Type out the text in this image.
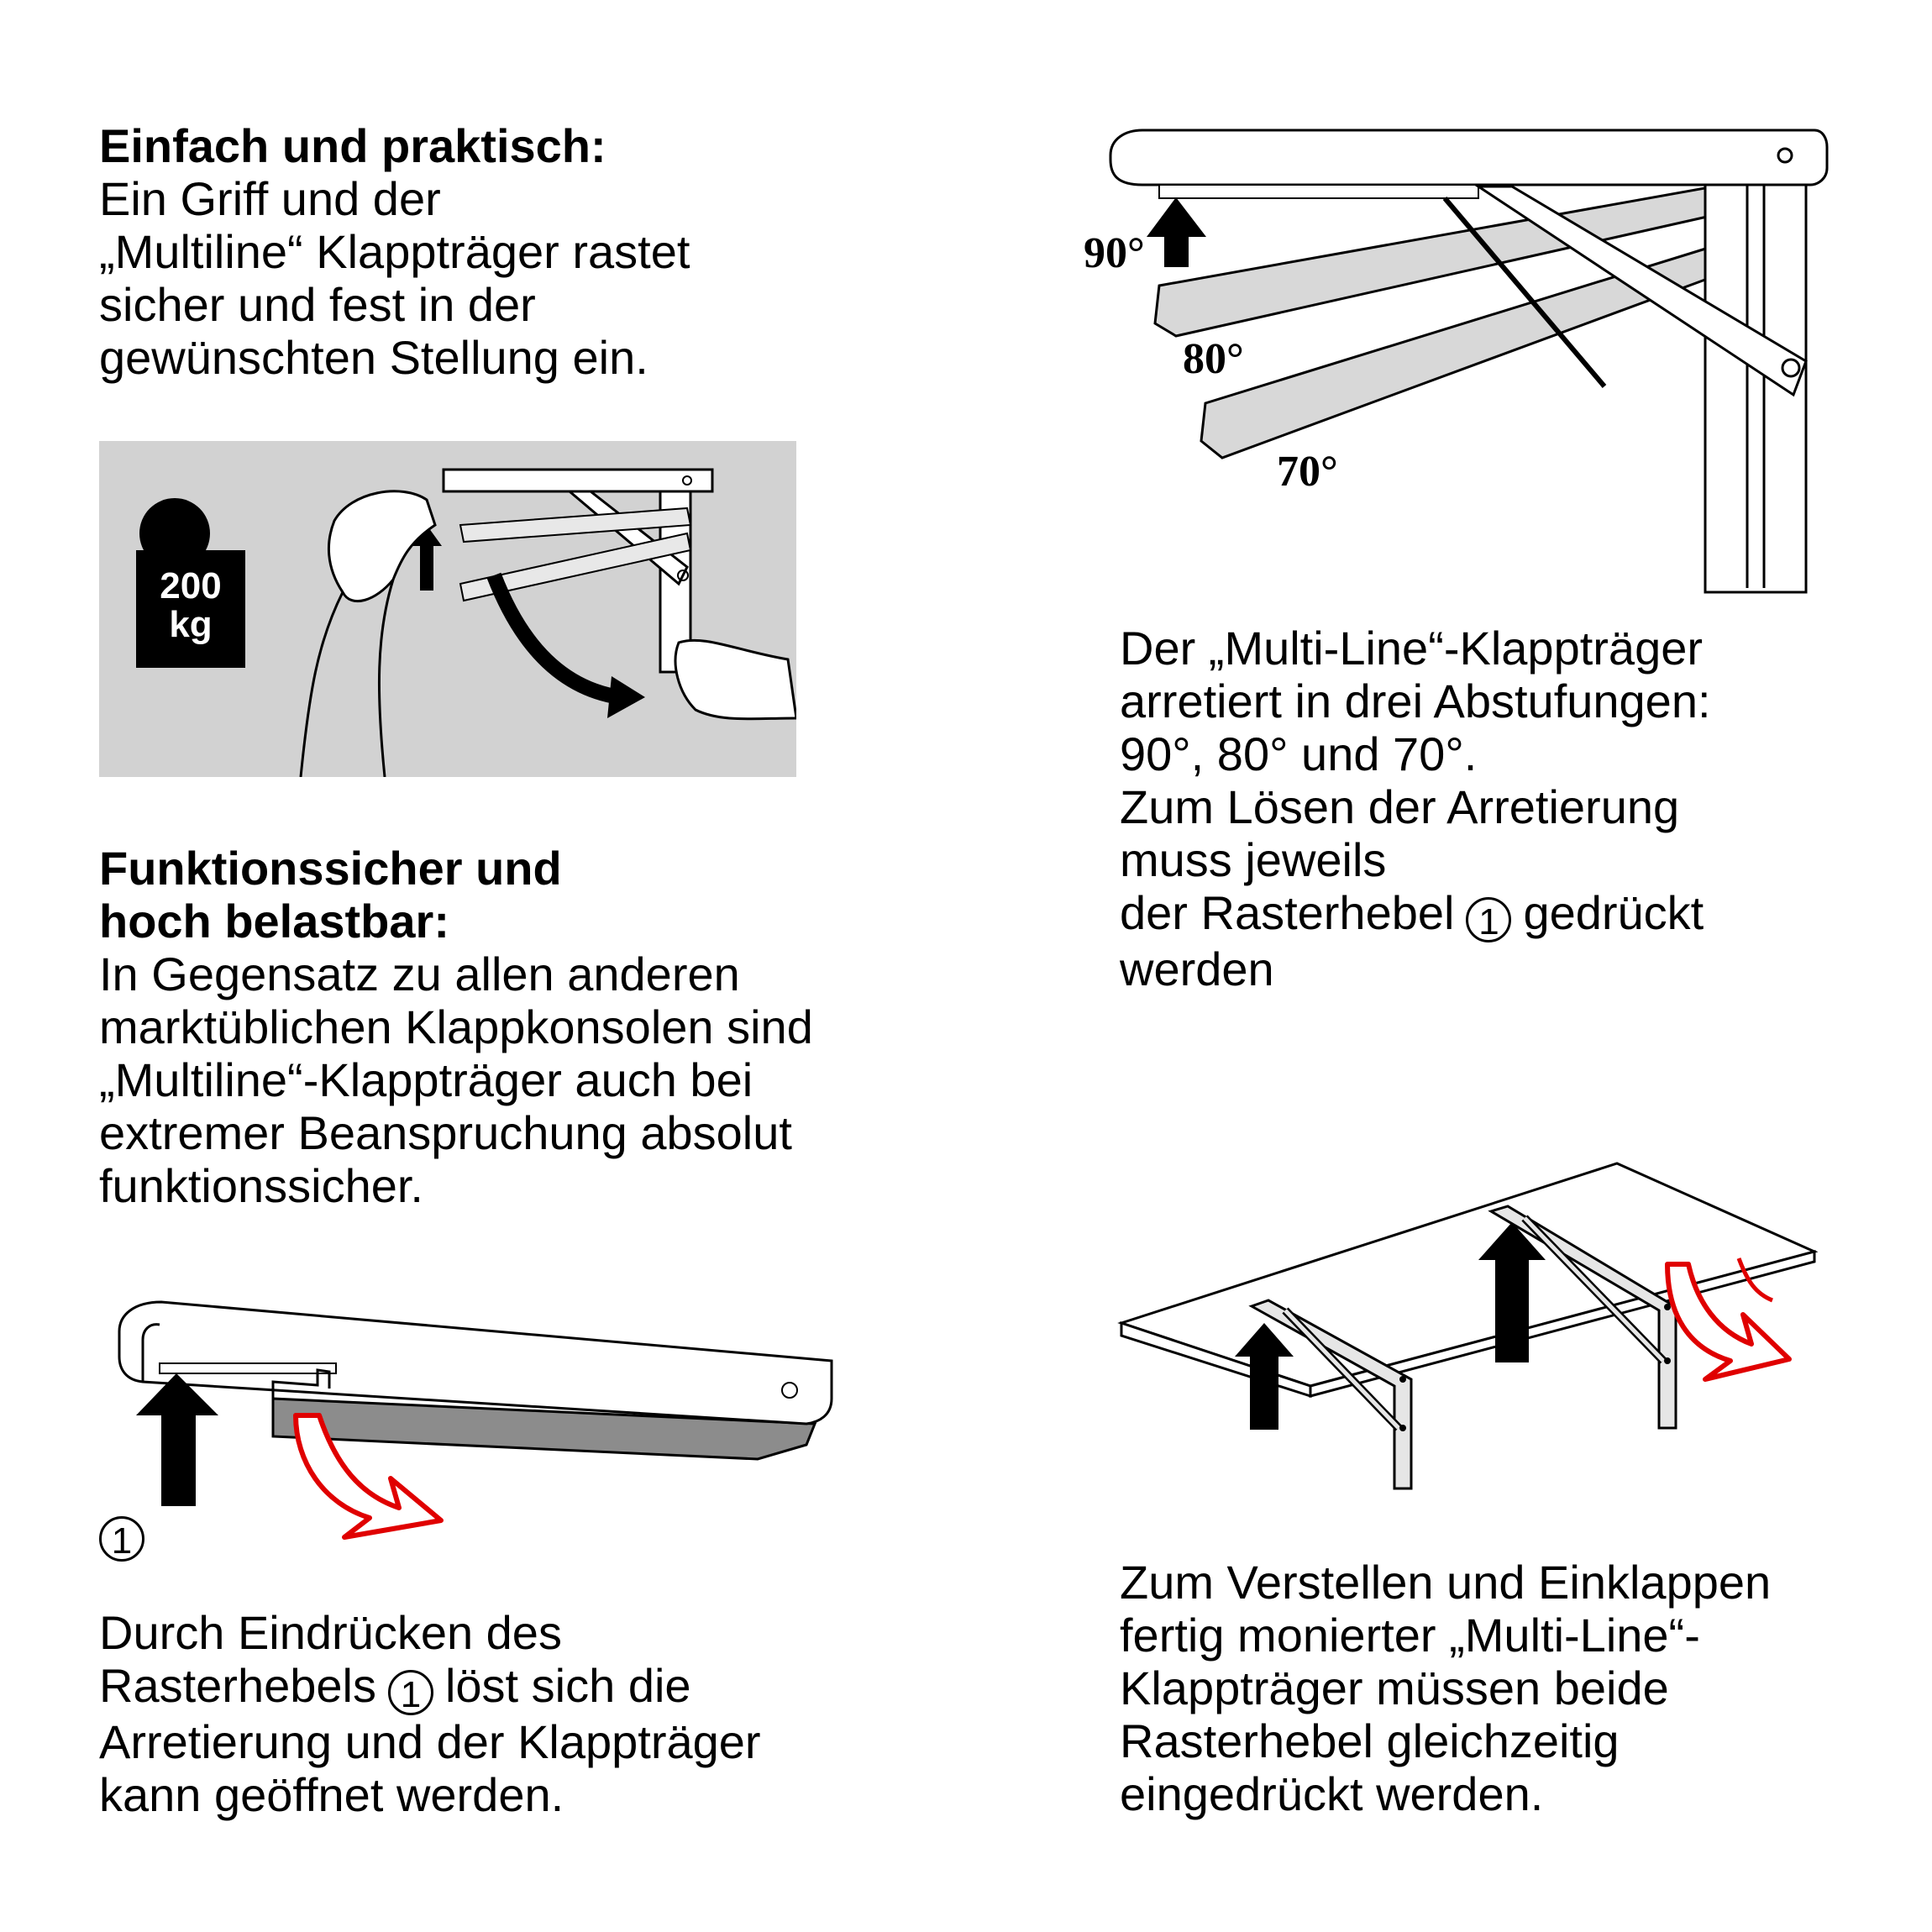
Einfach und praktisch:
Ein Griff und der
„Multiline“ Klappträger rastet
sicher und fest in der
gewünschten Stellung ein.
200
kg
Funktionssicher und
hoch belastbar:
In Gegensatz zu allen anderen
marktüblichen Klappkonsolen sind
„Multiline“-Klappträger auch bei
extremer Beanspruchung absolut
funktionssicher.
1
Durch Eindrücken des
Rasterhebels 1 löst sich die
Arretierung und der Klappträger
kann geöffnet werden.
90°
80°
70°
Der „Multi-Line“-Klappträger
arretiert in drei Abstufungen:
90°, 80° und 70°.
Zum Lösen der Arretierung
muss jeweils
der Rasterhebel 1 gedrückt
werden
Zum Verstellen und Einklappen
fertig monierter „Multi-Line“-
Klappträger müssen beide
Rasterhebel gleichzeitig
eingedrückt werden.
